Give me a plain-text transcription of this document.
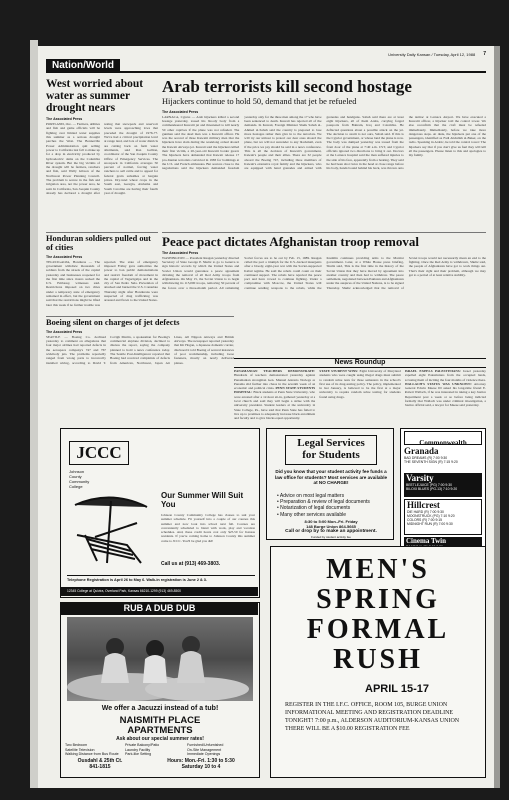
University Daily Kansan / Tuesday, April 12, 1988 7
Nation/World
West worried about water as summer drought nears
The Associated Press
PORTLAND, Ore. — Farmers, utilities and fish and game officials will be fighting over limited water supplies this summer as a serious drought parches the West. The Bonneville Power Administration quit selling power to California last fall to make up for a drop in electricity produced by hydroelectric dams on the Columbia River system. But the big victims of the drought will be farmers, ranchers and fish, said Wally Gibson of the Northwest Power Planning Council. The problem is severe in the fish and irrigation area, not the power area, he said. In California, San Joaquin County already has declared a drought after noting that snowpack and reservoir levels were approaching lows that preceded the drought of 1976-77. We've had a critical precipitation level at range land, and lots of water districts are cutting back on farm water allotments, said Ron Gallion, coordinator of the San Joaquin County Office of Emergency Services. The snowpack in California averages 50 percent of normal, forcing water ranchers to sell cattle and to appeal for federal grain subsidies at bargain prices. Dry-land wheat crops in the South east, Georgia, Alabama and South Carolina are having their fourth year of drought.
Honduran soldiers pulled out of cities
The Associated Press
TEGUCIGALPA, Honduras — The government withdrew thousands of soldiers from the streets of the capital yesterday and businesses reopened for the first time since rioters sacked the U.S. Embassy, witnesses said. Restrictions imposed on two cities under a temporary state of emergency remained in effect, but the government said that the restrictions might be lifted later this week if no further trouble was reported. The state of emergency imposed Friday gave authorities the power to ban public demonstrations and restrict freedom of movement in the capital of Tegucigalpa and in the city of San Pedro Sula. Prevention of attacked and burned the U.S. Consulate Thursday night after Hondurans were suspected of drug trafficking was arrested and flown to the United States.
Boeing silent on charges of jet defects
The Associated Press
SEATTLE — Boeing Co. declined yesterday to comment on allegations that four major airlines had reported defects in the aerospace company's 747 and 767 widebody jets. The problems reportedly ranged from wrong parts to incorrectly installed wiring, according to David T. Covigh Martin, a spokesman for Boeing's commercial airplane division, declined to discuss the report, saying the company planned to hold a news conference today. The Seattle Post-Intelligencer reported that Boeing had received complaints of defects from American, Northwest, Japan Air Lines, All Nippon Airways and British Airways. The newspaper reported yesterday that Kit Hogan, a Japanese domestic carrier, disclosed it told Boeing of several instances of poor workmanship, including loose fasteners, mostly on newly delivered planes.
Arab terrorists kill second hostage
Hijackers continue to hold 50, demand that jet be refueled
The Associated Press
LARNACA, Cyprus — Arab hijackers killed a second hostage yesterday, tossed his bloody body from a commandeered Kuwaiti jet and threatened to kill nearly 50 other captives if the plane was not refueled. The gunmen said the dead man was a Kuwaiti officer. He was the second of three Kuwaiti military men that the hijackers have slain during the weeklong ordeal aboard the Kuwait Airways jet. Kuwait said the hijackers killed their first victim, a 20-year-old Kuwaiti border guard. The hijackers have demanded that Kuwait release 17 pro-Iranian terrorists convicted in 1983 for bombings at the U.S. and French embassies. But sources close to the negotiations said the hijackers demanded freedom yesterday only for the three men among the 17 who have been sentenced to death. Kuwait has rejected all of the demands. In Kuwait, Foreign Minister Sheik Sabah al-Ahmed al-Sabah said the country is prepared to lose more hostages rather than give in to the terrorists. We will try our utmost to protect our dear ones aboard the plane, but we will not surrender to any blackmail, even if the price we pay should be said in a news conference. This is all the decision of Kuwait's government, Kuwait's people and their allies. There are 32 people aboard the Boeing 747, including three members of Kuwait's extensive royal family and the hijackers, who are equipped with hand grenades and armed with grenades and handguns. Sabah said there are at least eight hijackers, all of them Arabs, carrying forged passports from Bahrain, Iraq and Colombia. He deflected questions about a possible attack on the jet. The decision to storm is not ours, Sabah said. If this is the Cypriot government, or whose land the plane is now. The body was dumped yesterday was tossed from the front door of the plane at 7:40 a.m. CST, and Cypriot officials ignored two directions to bring it out. Doctors at the Larnaca hospital said the man suffered injuries to the side of his face, apparently from a beating. They said he had been shot twice in the head at close range before his body, hands bound behind his back, was thrown onto the tarmac at Larnaca Airport. We have executed a Kuwaiti officer, a hijacker told the control tower. We also reconfirm that the craft must be refueled immediately. Immediately, before we take more dangerous steps. At dusk, the hijackers put one of the passengers, identified as Fadi Abdullah al-Baker, on the radio. Speaking in Arabic, he told the control tower: The hijackers say that if you don't give us fuel they will kill all the passengers. Please listen to this and apologize to my family.
Peace pact dictates Afghanistan troop removal
The Associated Press
WASHINGTON — President Reagan yesterday directed Secretary of State George P. Shultz to go to Geneva to sign historic accords by which the United States and Soviet Union would guarantee a peace agreement dictating the removal of all Red Army troops from Afghanistan. On May 15, the Soviet Union is to begin withdrawing its 115,000 troops, removing 50 percent of the forces over a three-month period. All remaining Soviet forces are to be out by Feb. 15, 1989. Reagan called the pact a triumph for the U.S.-backed insurgents after a bloody, eight-year war with the Soviet-supported Kabul regime. He said the rebels could count on their continued support. The rebels have rejected the peace pact and have vowed to continue fighting. Under a compromise with Moscow, the United States will continue sending weapons to the rebels, while the Kremlin continues providing arms to the Marxist government. Later, at a White House press briefing, Shultz said, This is the first time in the history of the Soviet Union that they have moved by agreement into another country and then had to withdraw. The peace settlement, negotiated between Pakistan and Afghanistan under the auspices of the United Nations, is to be signed Thursday. Shultz acknowledged that the removal of Soviet troops would not necessarily mean an end to the fighting. Once the Red Army is withdrawn, Shultz said, the people of Afghanistan have got to work things out. That's their right and their problem, although we may get to a period of at least relative stability.
News Roundup
PANAMANIAN TEACHERS DEMONSTRATE: Hundreds of teachers demonstrated yesterday against Panamanian strongman Gen. Manuel Antonio Noriega as Panama slid further into chaos in the seventh week of an economic and political crisis. PENN STATE STUDENTS HOSPITAL: Black students at Penn State University, who were arrested after a 12-hour sit-in, gathered yesterday at a local church and said they will begin a strike with the university president. Student leaders at the university in State College, Pa., have said that Penn State has failed to live up to promises to adequately increase black enrollment and faculty and to give blacks equal opportunity.
STATE STUDENT WINS: Eight University of Maryland students who were caught using illegal drugs must submit to random urine tests for three semesters in the school's first use of its drug-testing policy. The policy, implemented in last January, is believed to be the first at a major university to require random urine testing for students found using drugs.
ISRAEL EXPELS PALESTINIANS: Israel yesterday expelled eight Palestinians from the occupied lands, accusing them of inciting the four months of violence there. WALLACH'S STATUS WAS UNKNOWN: Attorney General Edwin Meese III asked his long-time friend E. Robert Wallach, if he was interested in taking a key Justice Department post a week or so before being indicted formally that Wallach was under criminal investigation, a Justice official said, a lawyer for Meese said yesterday.
JCCC
Johnson
County
Community
College
Our Summer Will Suit You
Johnson County Community College has classes to suit your summer schedule. Fit yourself into a couple of our courses this summer and now look into school next fall. Courses are conveniently scheduled to blend with work, play and vacation schedules. And, these credit hours cost only $25.50 for Kansas residents. If you're coming home to Johnson County this summer come to JCCC. You'll be glad you did!
Call us at (913) 469-3803.
Telephone Registration is April 26 to May 6. Walk-in registration is June 2 & 3.
12345 College at Quivira, Overland Park, Kansas 66210-1299 (913) 469-8500
Legal Services
for Students
Did you know that your student activity fee funds a law office for students? Most services are available at NO CHARGE!
• Advice on most legal matters
• Preparation & review of legal documents
• Notarization of legal documents
• Many other services available
8:30 to 5:00 Mon.-Fri. Friday
148 Burge Union 864-5665
Call or drop by to make an appointment.
Funded by student activity fee
Commonwealth
Granada
BAD DREAMS (R) 7:00 9:30
THE SEVENTH SIGN (R) 7:15 9:20
Varsity
BEETLEJUICE (PG) 7:00 9:30
BILOXI BLUES (PG-13) 7:10 9:20
Hillcrest
DIE HARD (R) 7:00 9:30
MOONSTRUCK (PG) 7:10 9:20
COLORS (R) 7:00 9:15
MIDNIGHT RUN (R) 7:00 9:30
Cinema Twin
RUB A DUB DUB
We offer a Jacuzzi instead of a tub!
NAISMITH PLACE
APARTMENTS
Ask about our special summer rates!
Two Bedroom	Private Balcony/Patio	Furnished/Unfurnished
Satellite Television	Laundry Facility	On-Site Management
Walking Distance from Bus Route	Park-like Setting	Immediate Openings
Ousdahl & 25th Ct.
841-1815
Hours: Mon.-Fri. 1:30 to 5:30
Saturday 10 to 4
MEN'S
SPRING
FORMAL
RUSH
APRIL 15-17
REGISTER IN THE I.F.C. OFFICE, ROOM 105, BURGE UNION INFORMATIONAL MEETING AND REGISTRATION DEADLINE TONIGHT! 7:00 p.m., ALDERSON AUDITORIUM-KANSAS UNION THERE WILL BE A $10.00 REGISTRATION FEE
